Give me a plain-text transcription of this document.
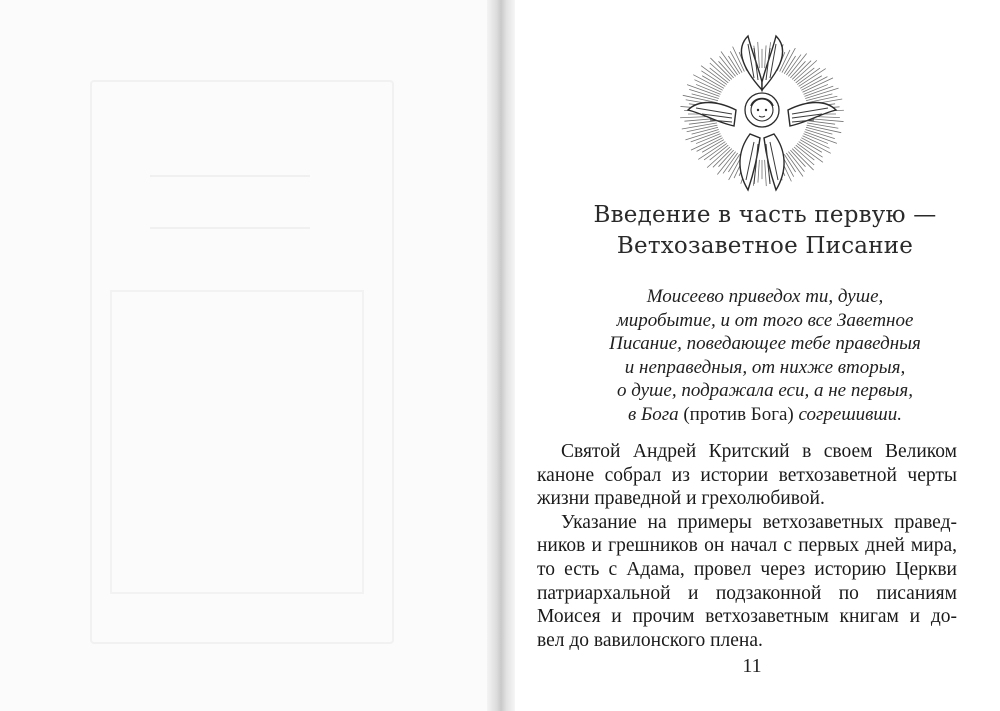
Введение в часть первую —
Ветхозаветное Писание
Моисеево приведох ти, душе,
миробытие, и от того все Заветное
Писание, поведающее тебе праведныя
и неправедныя, от нихже вторыя,
о душе, подражала еси, а не первыя,
в Бога (против Бога) согрешивши.
Святой Андрей Критский в своем Великом
каноне собрал из истории ветхозаветной черты
жизни праведной и грехолюбивой.
Указание на примеры ветхозаветных правед-
ников и грешников он начал с первых дней мира,
то есть с Адама, провел через историю Церкви
патриархальной и подзаконной по писаниям
Моисея и прочим ветхозаветным книгам и до-
вел до вавилонского плена.
11
